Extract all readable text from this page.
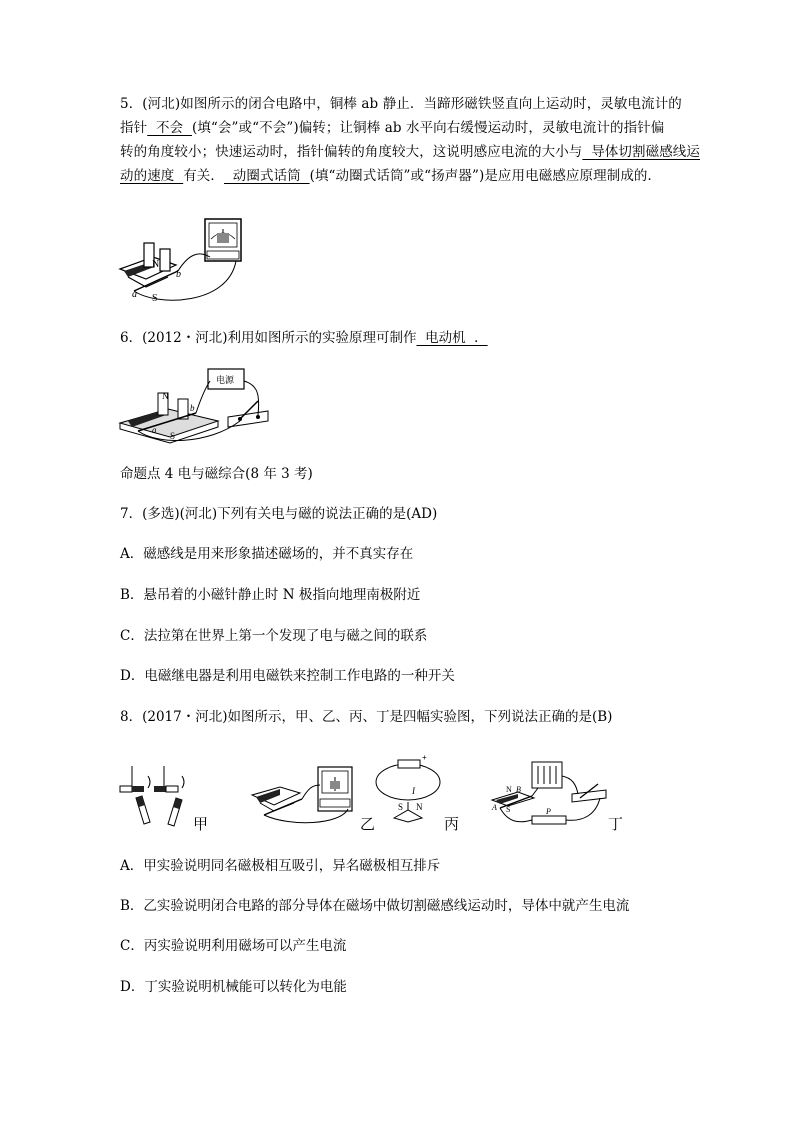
5．(河北)如图所示的闭合电路中，铜棒 ab 静止．当蹄形磁铁竖直向上运动时，灵敏电流计的
指针  不会  (填“会”或“不会”)偏转；让铜棒 ab 水平向右缓慢运动时，灵敏电流计的指针偏
转的角度较小；快速运动时，指针偏转的角度较大，这说明感应电流的大小与  导体切割磁感线运
动的速度  有关．  动圈式话筒  (填“动圈式话筒”或“扬声器”)是应用电磁感应原理制成的．
N
S
a
b
6．(2012・河北)利用如图所示的实验原理可制作  电动机  ．
电源
N
S
a
b
命题点 4 电与磁综合(8 年 3 考)
7．(多选)(河北)下列有关电与磁的说法正确的是(AD)
A．磁感线是用来形象描述磁场的，并不真实存在
B．悬吊着的小磁针静止时 N 极指向地理南极附近
C．法拉第在世界上第一个发现了电与磁之间的联系
D．电磁继电器是利用电磁铁来控制工作电路的一种开关
8．(2017・河北)如图所示，甲、乙、丙、丁是四幅实验图，下列说法正确的是(B)
甲	乙
+
I
S N
丙
N B
A S	P
丁
A．甲实验说明同名磁极相互吸引，异名磁极相互排斥
B．乙实验说明闭合电路的部分导体在磁场中做切割磁感线运动时，导体中就产生电流
C．丙实验说明利用磁场可以产生电流
D．丁实验说明机械能可以转化为电能
